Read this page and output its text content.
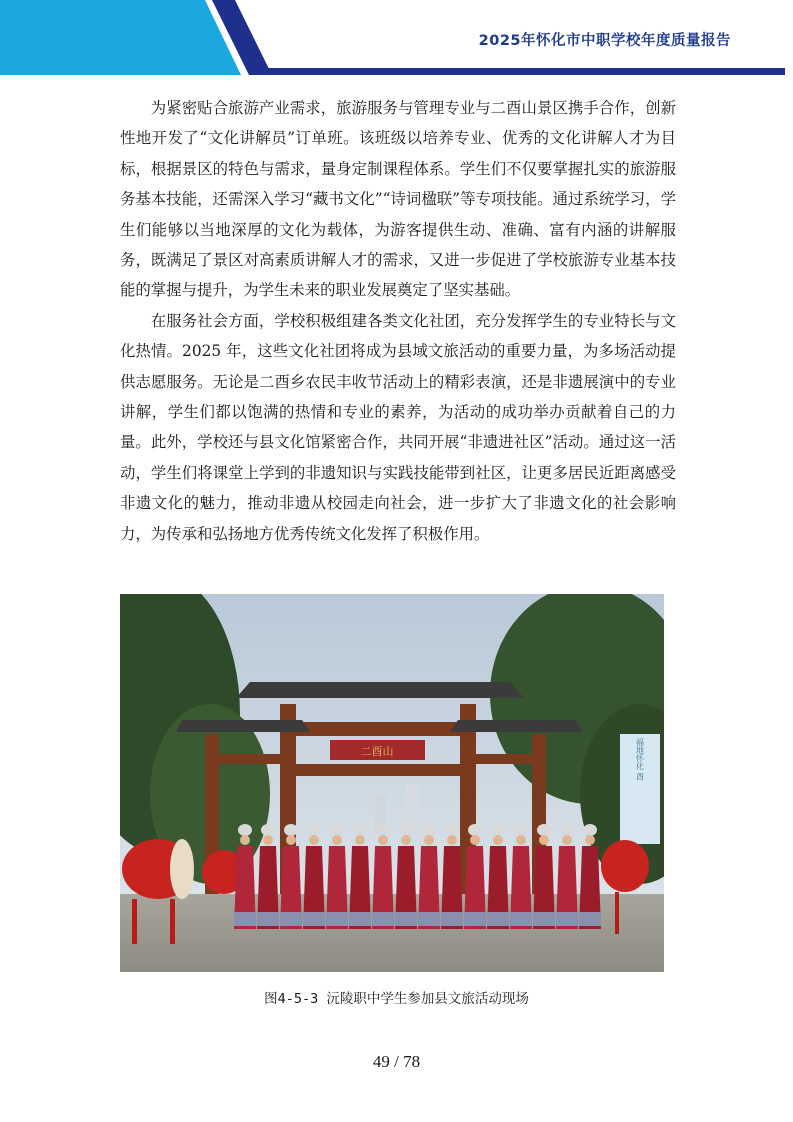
2025年怀化市中职学校年度质量报告

为紧密贴合旅游产业需求，旅游服务与管理专业与二酉山景区携手合作，创新性地开发了“文化讲解员”订单班。该班级以培养专业、优秀的文化讲解人才为目标，根据景区的特色与需求，量身定制课程体系。学生们不仅要掌握扎实的旅游服务基本技能，还需深入学习“藏书文化”“诗词楹联”等专项技能。通过系统学习，学生们能够以当地深厚的文化为载体，为游客提供生动、准确、富有内涵的讲解服务，既满足了景区对高素质讲解人才的需求，又进一步促进了学校旅游专业基本技能的掌握与提升，为学生未来的职业发展奠定了坚实基础。

在服务社会方面，学校积极组建各类文化社团，充分发挥学生的专业特长与文化热情。2025 年，这些文化社团将成为县域文旅活动的重要力量，为多场活动提供志愿服务。无论是二酉乡农民丰收节活动上的精彩表演，还是非遗展演中的专业讲解，学生们都以饱满的热情和专业的素养，为活动的成功举办贡献着自己的力量。此外，学校还与县文化馆紧密合作，共同开展“非遗进社区”活动。通过这一活动，学生们将课堂上学到的非遗知识与实践技能带到社区，让更多居民近距离感受非遗文化的魅力，推动非遗从校园走向社会，进一步扩大了非遗文化的社会影响力，为传承和弘扬地方优秀传统文化发挥了积极作用。

二酉山	福地怀化 酉
图4-5-3 沅陵职中学生参加县文旅活动现场
49 / 78
